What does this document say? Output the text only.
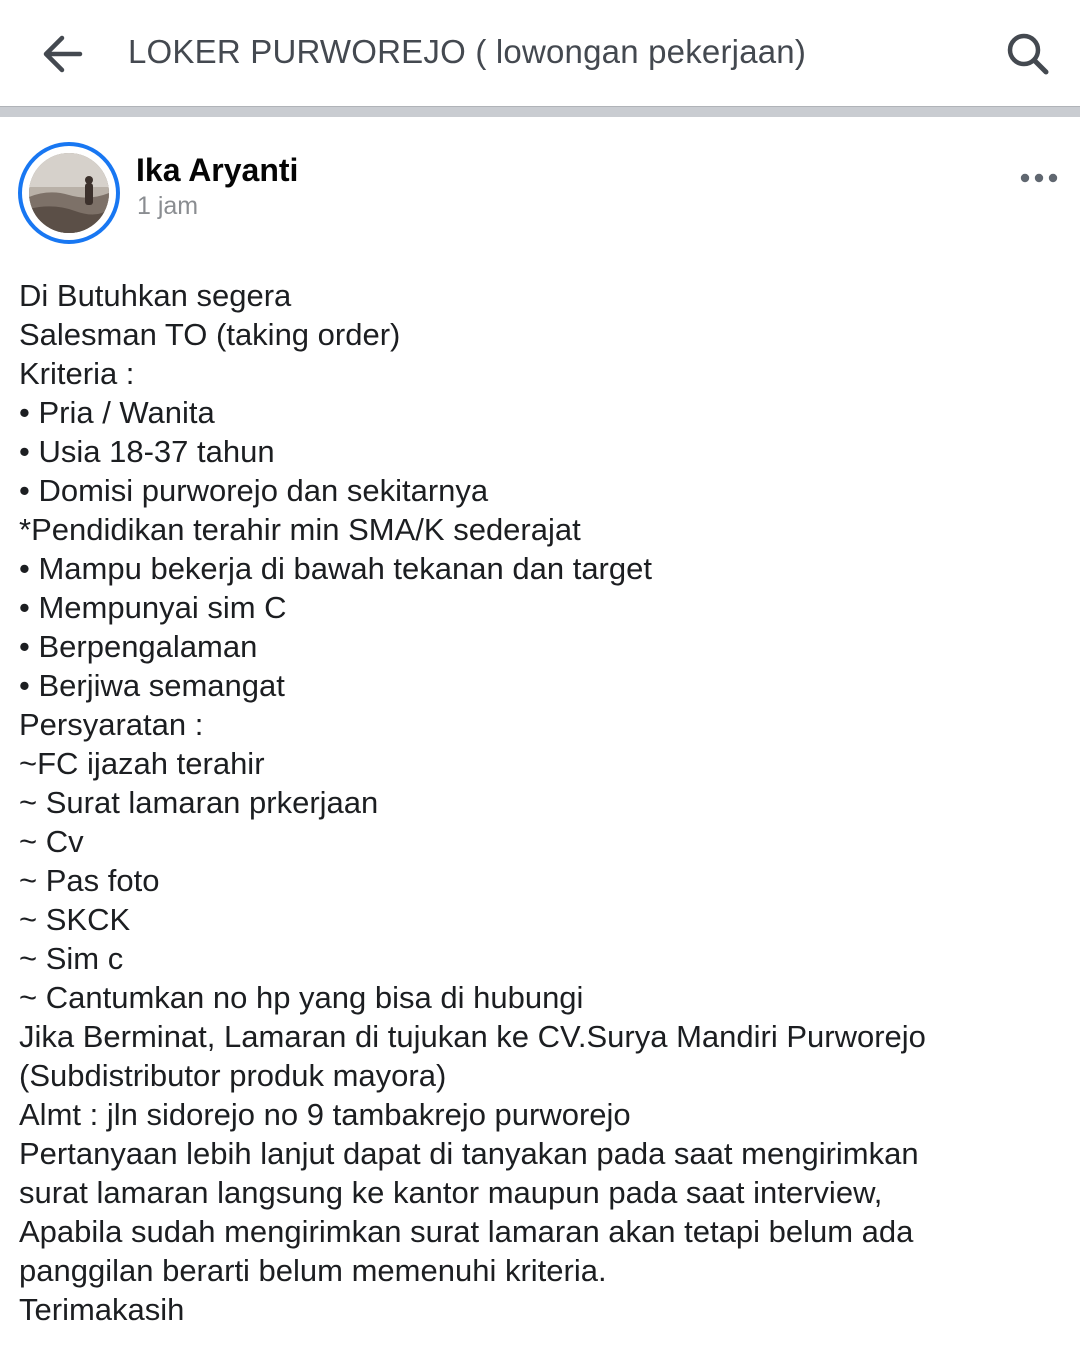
LOKER PURWOREJO ( lowongan pekerjaan)
Ika Aryanti
1 jam
Di Butuhkan segera
Salesman TO (taking order)
Kriteria :
• Pria / Wanita
• Usia 18-37 tahun
• Domisi purworejo dan sekitarnya
*Pendidikan terahir min SMA/K sederajat
• Mampu bekerja di bawah tekanan dan target
• Mempunyai sim C
• Berpengalaman
• Berjiwa semangat
Persyaratan :
~FC ijazah terahir
~ Surat lamaran prkerjaan
~ Cv
~ Pas foto
~ SKCK
~ Sim c
~ Cantumkan no hp yang bisa di hubungi
Jika Berminat, Lamaran di tujukan ke CV.Surya Mandiri Purworejo
(Subdistributor produk mayora)
Almt : jln sidorejo no 9 tambakrejo purworejo
Pertanyaan lebih lanjut dapat di tanyakan pada saat mengirimkan
surat lamaran langsung ke kantor maupun pada saat interview,
Apabila sudah mengirimkan surat lamaran akan tetapi belum ada
panggilan berarti belum memenuhi kriteria.
Terimakasih
